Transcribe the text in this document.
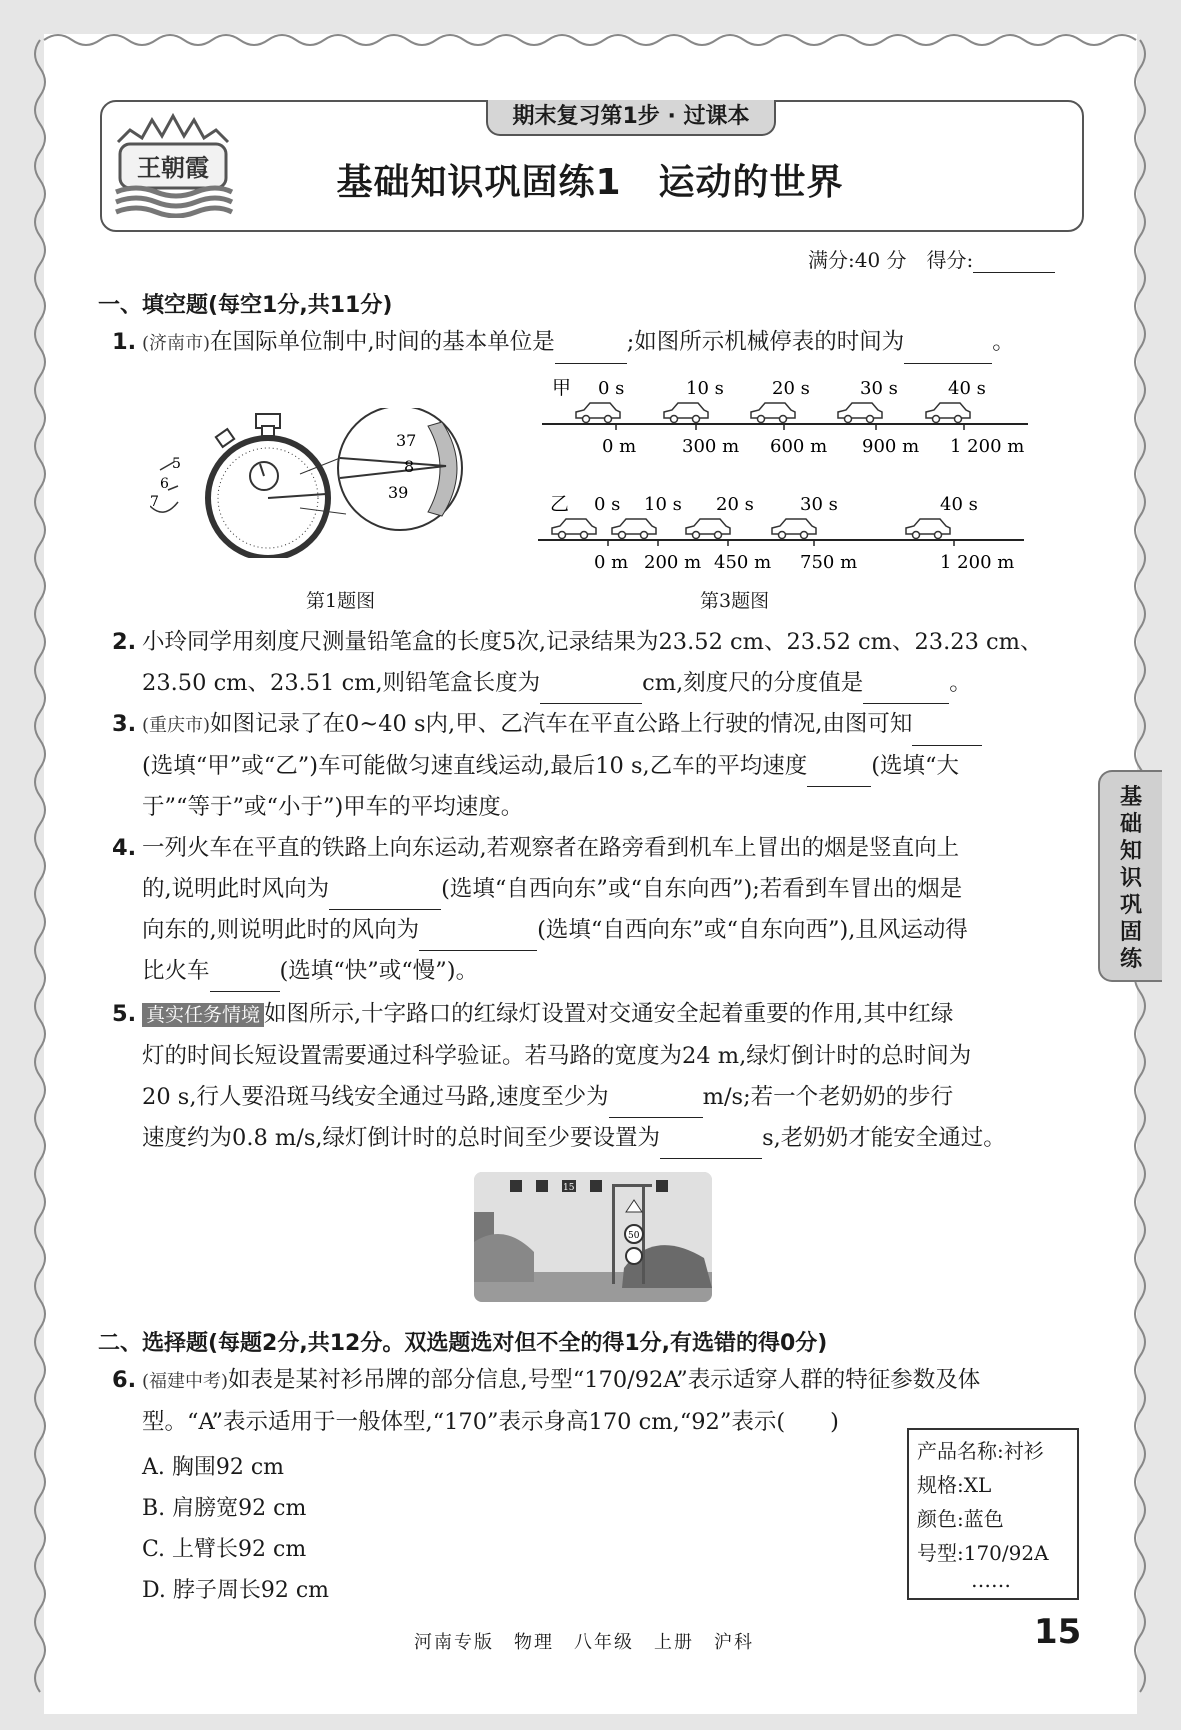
期末复习第1步 · 过课本
王朝霞	基础知识巩固练1　运动的世界
满分:40 分　得分:
一、填空题(每空1分,共11分)
1. (济南市)在国际单位制中,时间的基本单位是	;如图所示机械停表的时间为	。
5
6
7
37
8
39
第1题图
甲
乙
0 s
0 m
10 s
300 m
20 s
600 m
30 s
900 m
40 s
1 200 m
0 s
0 m
10 s
200 m
20 s
450 m
30 s
750 m
40 s
1 200 m
第3题图
2. 小玲同学用刻度尺测量铅笔盒的长度5次,记录结果为23.52 cm、23.52 cm、23.23 cm、
23.50 cm、23.51 cm,则铅笔盒长度为	cm,刻度尺的分度值是	。
3. (重庆市)如图记录了在0~40 s内,甲、乙汽车在平直公路上行驶的情况,由图可知
(选填“甲”或“乙”)车可能做匀速直线运动,最后10 s,乙车的平均速度	(选填“大
于”“等于”或“小于”)甲车的平均速度。
4. 一列火车在平直的铁路上向东运动,若观察者在路旁看到机车上冒出的烟是竖直向上
的,说明此时风向为	(选填“自西向东”或“自东向西”);若看到车冒出的烟是
向东的,则说明此时的风向为	(选填“自西向东”或“自东向西”),且风运动得
比火车	(选填“快”或“慢”)。
5. 真实任务情境 如图所示,十字路口的红绿灯设置对交通安全起着重要的作用,其中红绿
灯的时间长短设置需要通过科学验证。若马路的宽度为24 m,绿灯倒计时的总时间为
20 s,行人要沿斑马线安全通过马路,速度至少为	m/s;若一个老奶奶的步行
速度约为0.8 m/s,绿灯倒计时的总时间至少要设置为	s,老奶奶才能安全通过。
15
50
二、选择题(每题2分,共12分。双选题选对但不全的得1分,有选错的得0分)
6. (福建中考)如表是某衬衫吊牌的部分信息,号型“170/92A”表示适穿人群的特征参数及体
型。“A”表示适用于一般体型,“170”表示身高170 cm,“92”表示(　　)
A. 胸围92 cm
B. 肩膀宽92 cm
C. 上臂长92 cm
D. 脖子周长92 cm
产品名称:衬衫
规格:XL
颜色:蓝色
号型:170/92A
……
基础知识巩固练
河南专版　物理　八年级　上册　沪科	15
